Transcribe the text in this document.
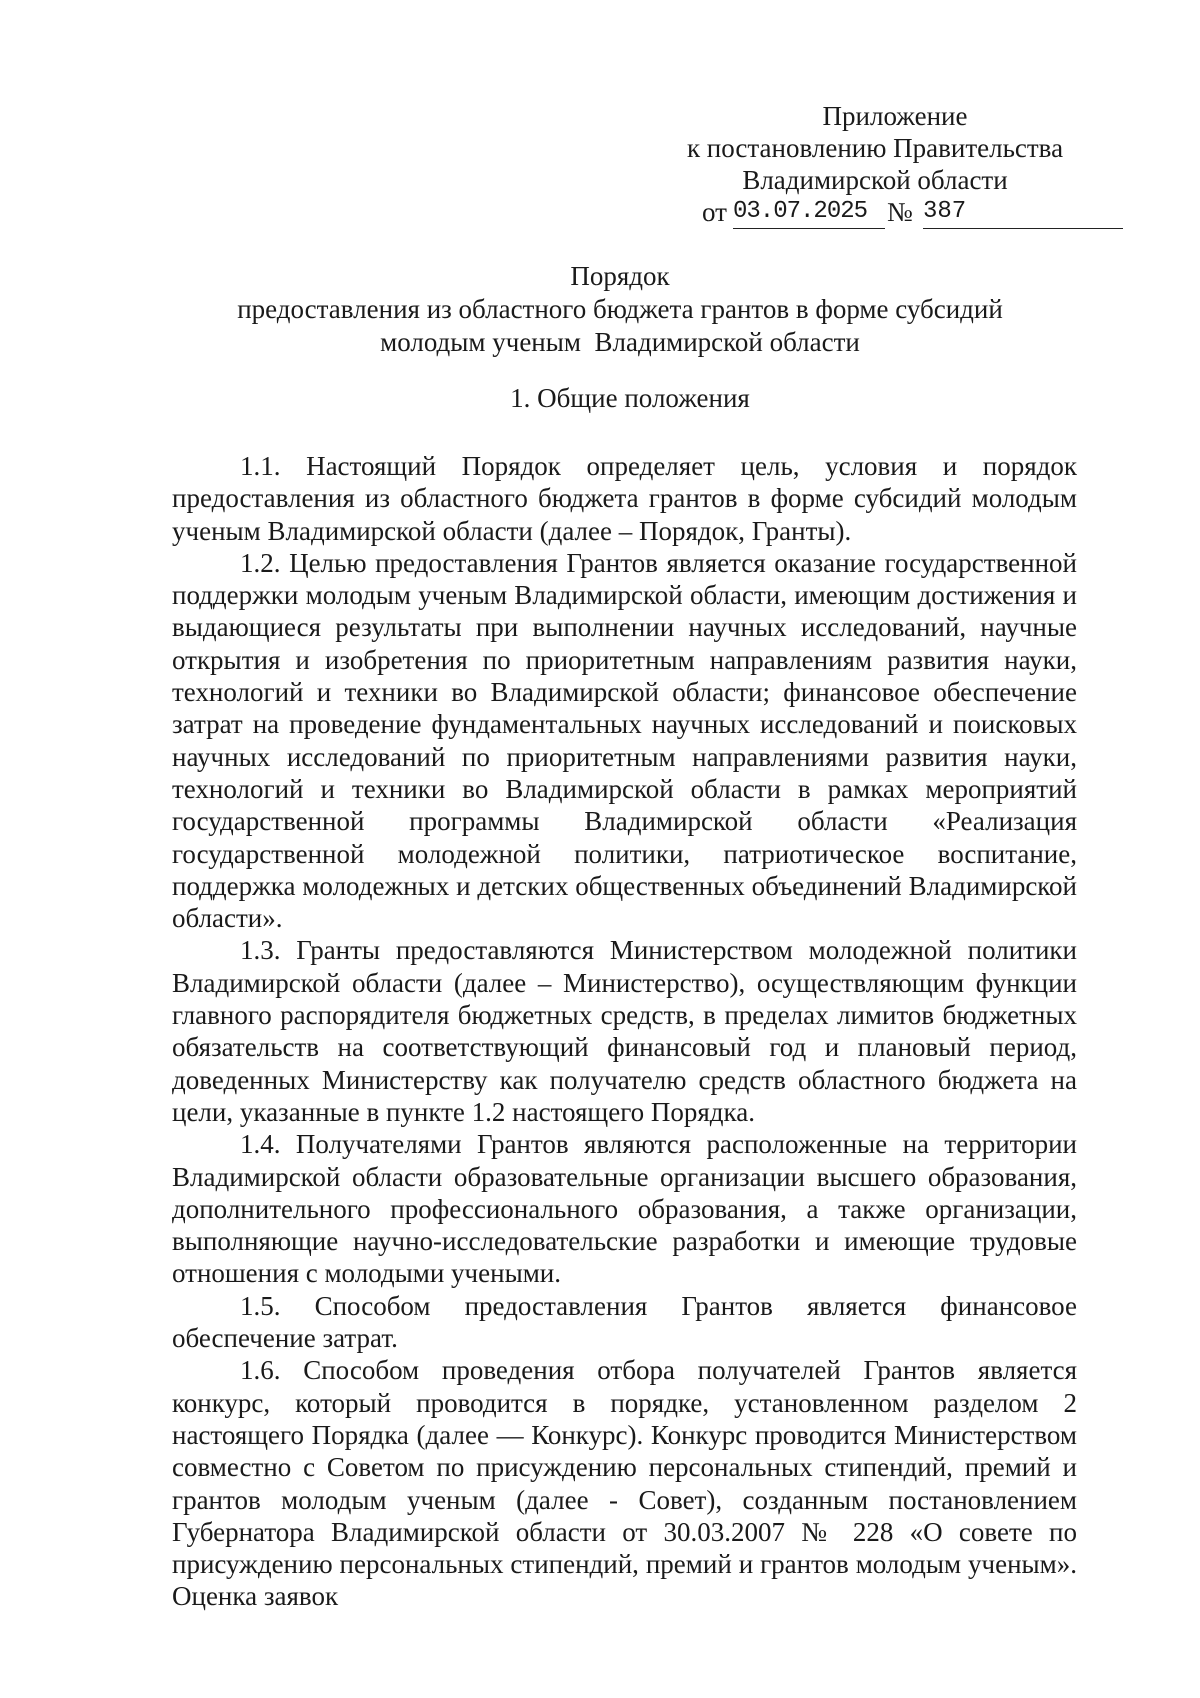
Приложение
к постановлению Правительства
Владимирской области
от 03.07.2025 № 387
Порядок
предоставления из областного бюджета грантов в форме субсидий
молодым ученым  Владимирской области
1. Общие положения

1.1. Настоящий Порядок определяет цель, условия и порядок предоставления из областного бюджета грантов в форме субсидий молодым ученым Владимирской области (далее – Порядок, Гранты).

1.2. Целью предоставления Грантов является оказание государственной поддержки молодым ученым Владимирской области, имеющим достижения и выдающиеся результаты при выполнении научных исследований, научные открытия и изобретения по приоритетным направлениям развития науки, технологий и техники во Владимирской области; финансовое обеспечение затрат на проведение фундаментальных научных исследований и поисковых научных исследований по приоритетным направлениями развития науки, технологий и техники во Владимирской области в рамках мероприятий государственной программы Владимирской области «Реализация государственной молодежной политики, патриотическое воспитание, поддержка молодежных и детских общественных объединений Владимирской области».

1.3. Гранты предоставляются Министерством молодежной политики Владимирской области (далее – Министерство), осуществляющим функции главного распорядителя бюджетных средств, в пределах лимитов бюджетных обязательств на соответствующий финансовый год и плановый период, доведенных Министерству как получателю средств областного бюджета на цели, указанные в пункте 1.2 настоящего Порядка.

1.4. Получателями Грантов являются расположенные на территории Владимирской области образовательные организации высшего образования, дополнительного профессионального образования, а также организации, выполняющие научно-исследовательские разработки и имеющие трудовые отношения с молодыми учеными.

1.5. Способом предоставления Грантов является финансовое обеспечение затрат.

1.6. Способом проведения отбора получателей Грантов является конкурс, который проводится в порядке, установленном разделом 2 настоящего Порядка (далее — Конкурс). Конкурс проводится Министерством совместно с Советом по присуждению персональных стипендий, премий и грантов молодым ученым (далее - Совет), созданным постановлением Губернатора Владимирской области от 30.03.2007 № 228 «О совете по присуждению персональных стипендий, премий и грантов молодым ученым». Оценка заявок
